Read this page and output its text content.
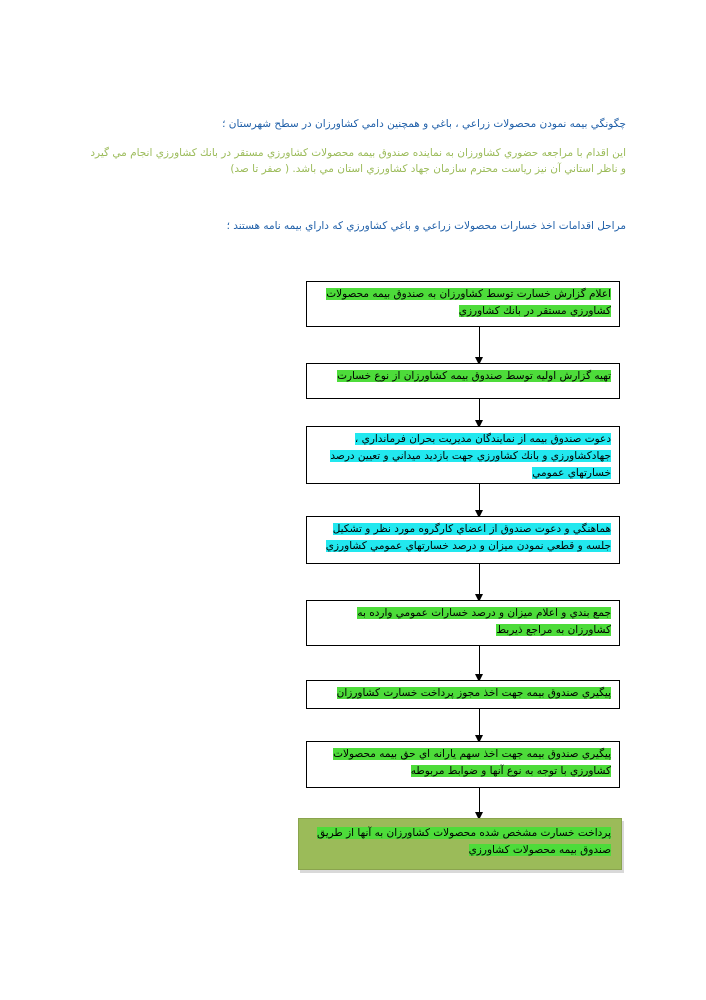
چگونگي بيمه نمودن محصولات زراعي ، باغي و همچنين دامي كشاورزان در سطح شهرستان ؛
اين اقدام با مراجعه حضوري كشاورزان به نماينده صندوق بيمه محصولات كشاورزي مستقر در بانك كشاورزي انجام مي گيرد و ناظر استاني آن نيز رياست محترم سازمان جهاد كشاورزي استان مي باشد. ( صفر تا صد)
مراحل اقدامات اخذ خسارات محصولات زراعي و باغي كشاورزي كه داراي بيمه نامه هستند ؛
اعلام گزارش خسارت توسط كشاورزان به صندوق بيمه محصولات كشاورزي مستقر در بانك كشاورزي
تهيه گزارش اوليه توسط صندوق بيمه كشاورزان از نوع خسارت
دعوت صندوق بيمه از نمايندگان مديريت بحران فرمانداري ، جهادكشاورزي و بانك كشاورزي جهت بازديد ميداني و تعيين درصد خسارتهاي عمومي
هماهنگي و دعوت صندوق از اعضاي كارگروه مورد نظر و تشكيل جلسه و قطعي نمودن ميزان و درصد خسارتهاي عمومي كشاورزي
جمع بندي و اعلام ميزان و درصد خسارات عمومي وارده به كشاورزان به مراجع ذيربط
پيگيري صندوق بيمه جهت اخذ مجوز پرداخت خسارت كشاورزان
پيگيري صندوق بيمه جهت اخذ سهم يارانه اي حق بيمه محصولات كشاورزي با توجه به نوع آنها و ضوابط مربوطه
پرداخت خسارت مشخص شده محصولات كشاورزان به آنها از طريق صندوق بيمه محصولات كشاورزي
